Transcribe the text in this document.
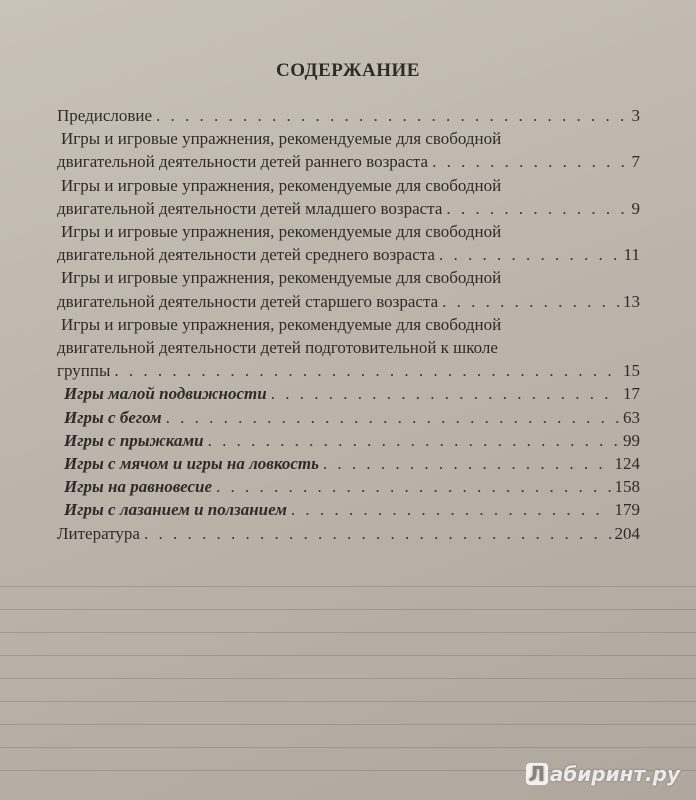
СОДЕРЖАНИЕ
Предисловие . . .	3
Игры и игровые упражнения, рекомендуемые для свободной
двигательной деятельности детей раннего возраста . . .	7
Игры и игровые упражнения, рекомендуемые для свободной
двигательной деятельности детей младшего возраста . . .	9
Игры и игровые упражнения, рекомендуемые для свободной
двигательной деятельности детей среднего возраста . . .	11
Игры и игровые упражнения, рекомендуемые для свободной
двигательной деятельности детей старшего возраста . . .	13
Игры и игровые упражнения, рекомендуемые для свободной
двигательной деятельности детей подготовительной к школе
группы . . .	15
Игры малой подвижности . . .	17
Игры с бегом . . .	63
Игры с прыжками . . .	99
Игры с мячом и игры на ловкость . . .	124
Игры на равновесие . . .	158
Игры с лазанием и ползанием . . .	179
Литература . . .	204
Л абиринт.ру
